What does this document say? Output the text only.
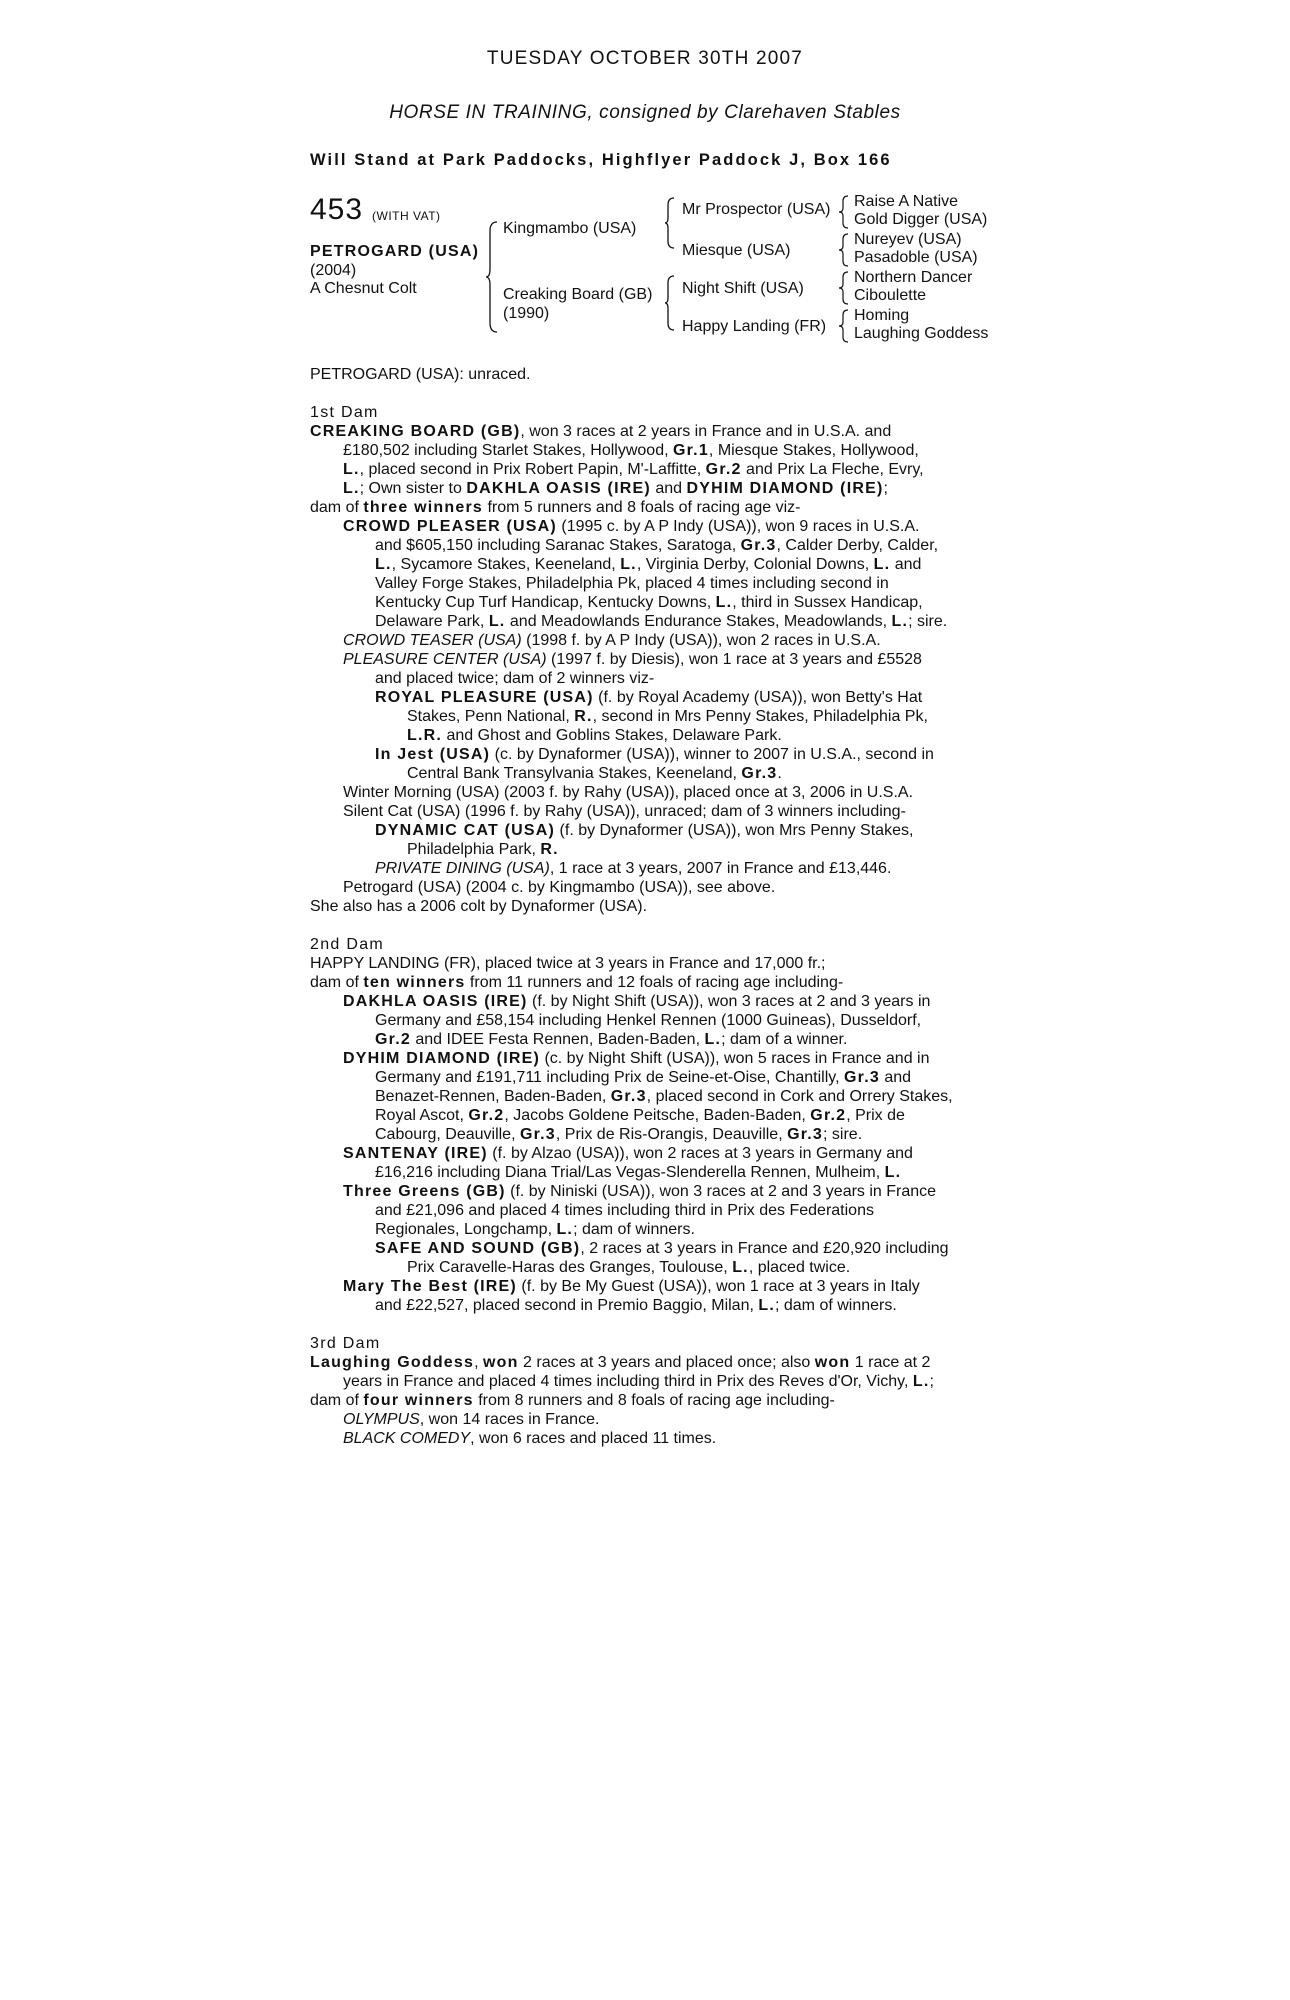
TUESDAY OCTOBER 30TH 2007
HORSE IN TRAINING, consigned by Clarehaven Stables
Will Stand at Park Paddocks, Highflyer Paddock J, Box 166
453 (WITH VAT)
PETROGARD (USA)
(2004)
A Chesnut Colt
Kingmambo (USA)
Creaking Board (GB)
(1990)
Mr Prospector (USA)
Miesque (USA)
Night Shift (USA)
Happy Landing (FR)
Raise A Native
Gold Digger (USA)
Nureyev (USA)
Pasadoble (USA)
Northern Dancer
Ciboulette
Homing
Laughing Goddess

PETROGARD (USA): unraced.

1st Dam

CREAKING BOARD (GB), won 3 races at 2 years in France and in U.S.A. and

£180,502 including Starlet Stakes, Hollywood, Gr.1, Miesque Stakes, Hollywood,

L., placed second in Prix Robert Papin, M'-Laffitte, Gr.2 and Prix La Fleche, Evry,

L.; Own sister to DAKHLA OASIS (IRE) and DYHIM DIAMOND (IRE);

dam of three winners from 5 runners and 8 foals of racing age viz-

CROWD PLEASER (USA) (1995 c. by A P Indy (USA)), won 9 races in U.S.A.

and $605,150 including Saranac Stakes, Saratoga, Gr.3, Calder Derby, Calder,

L., Sycamore Stakes, Keeneland, L., Virginia Derby, Colonial Downs, L. and

Valley Forge Stakes, Philadelphia Pk, placed 4 times including second in

Kentucky Cup Turf Handicap, Kentucky Downs, L., third in Sussex Handicap,

Delaware Park, L. and Meadowlands Endurance Stakes, Meadowlands, L.; sire.

CROWD TEASER (USA) (1998 f. by A P Indy (USA)), won 2 races in U.S.A.

PLEASURE CENTER (USA) (1997 f. by Diesis), won 1 race at 3 years and £5528

and placed twice; dam of 2 winners viz-

ROYAL PLEASURE (USA) (f. by Royal Academy (USA)), won Betty's Hat

Stakes, Penn National, R., second in Mrs Penny Stakes, Philadelphia Pk,

L.R. and Ghost and Goblins Stakes, Delaware Park.

In Jest (USA) (c. by Dynaformer (USA)), winner to 2007 in U.S.A., second in

Central Bank Transylvania Stakes, Keeneland, Gr.3.

Winter Morning (USA) (2003 f. by Rahy (USA)), placed once at 3, 2006 in U.S.A.

Silent Cat (USA) (1996 f. by Rahy (USA)), unraced; dam of 3 winners including-

DYNAMIC CAT (USA) (f. by Dynaformer (USA)), won Mrs Penny Stakes,

Philadelphia Park, R.

PRIVATE DINING (USA), 1 race at 3 years, 2007 in France and £13,446.

Petrogard (USA) (2004 c. by Kingmambo (USA)), see above.

She also has a 2006 colt by Dynaformer (USA).

2nd Dam

HAPPY LANDING (FR), placed twice at 3 years in France and 17,000 fr.;

dam of ten winners from 11 runners and 12 foals of racing age including-

DAKHLA OASIS (IRE) (f. by Night Shift (USA)), won 3 races at 2 and 3 years in

Germany and £58,154 including Henkel Rennen (1000 Guineas), Dusseldorf,

Gr.2 and IDEE Festa Rennen, Baden-Baden, L.; dam of a winner.

DYHIM DIAMOND (IRE) (c. by Night Shift (USA)), won 5 races in France and in

Germany and £191,711 including Prix de Seine-et-Oise, Chantilly, Gr.3 and

Benazet-Rennen, Baden-Baden, Gr.3, placed second in Cork and Orrery Stakes,

Royal Ascot, Gr.2, Jacobs Goldene Peitsche, Baden-Baden, Gr.2, Prix de

Cabourg, Deauville, Gr.3, Prix de Ris-Orangis, Deauville, Gr.3; sire.

SANTENAY (IRE) (f. by Alzao (USA)), won 2 races at 3 years in Germany and

£16,216 including Diana Trial/Las Vegas-Slenderella Rennen, Mulheim, L.

Three Greens (GB) (f. by Niniski (USA)), won 3 races at 2 and 3 years in France

and £21,096 and placed 4 times including third in Prix des Federations

Regionales, Longchamp, L.; dam of winners.

SAFE AND SOUND (GB), 2 races at 3 years in France and £20,920 including

Prix Caravelle-Haras des Granges, Toulouse, L., placed twice.

Mary The Best (IRE) (f. by Be My Guest (USA)), won 1 race at 3 years in Italy

and £22,527, placed second in Premio Baggio, Milan, L.; dam of winners.

3rd Dam

Laughing Goddess, won 2 races at 3 years and placed once; also won 1 race at 2

years in France and placed 4 times including third in Prix des Reves d'Or, Vichy, L.;

dam of four winners from 8 runners and 8 foals of racing age including-

OLYMPUS, won 14 races in France.

BLACK COMEDY, won 6 races and placed 11 times.
